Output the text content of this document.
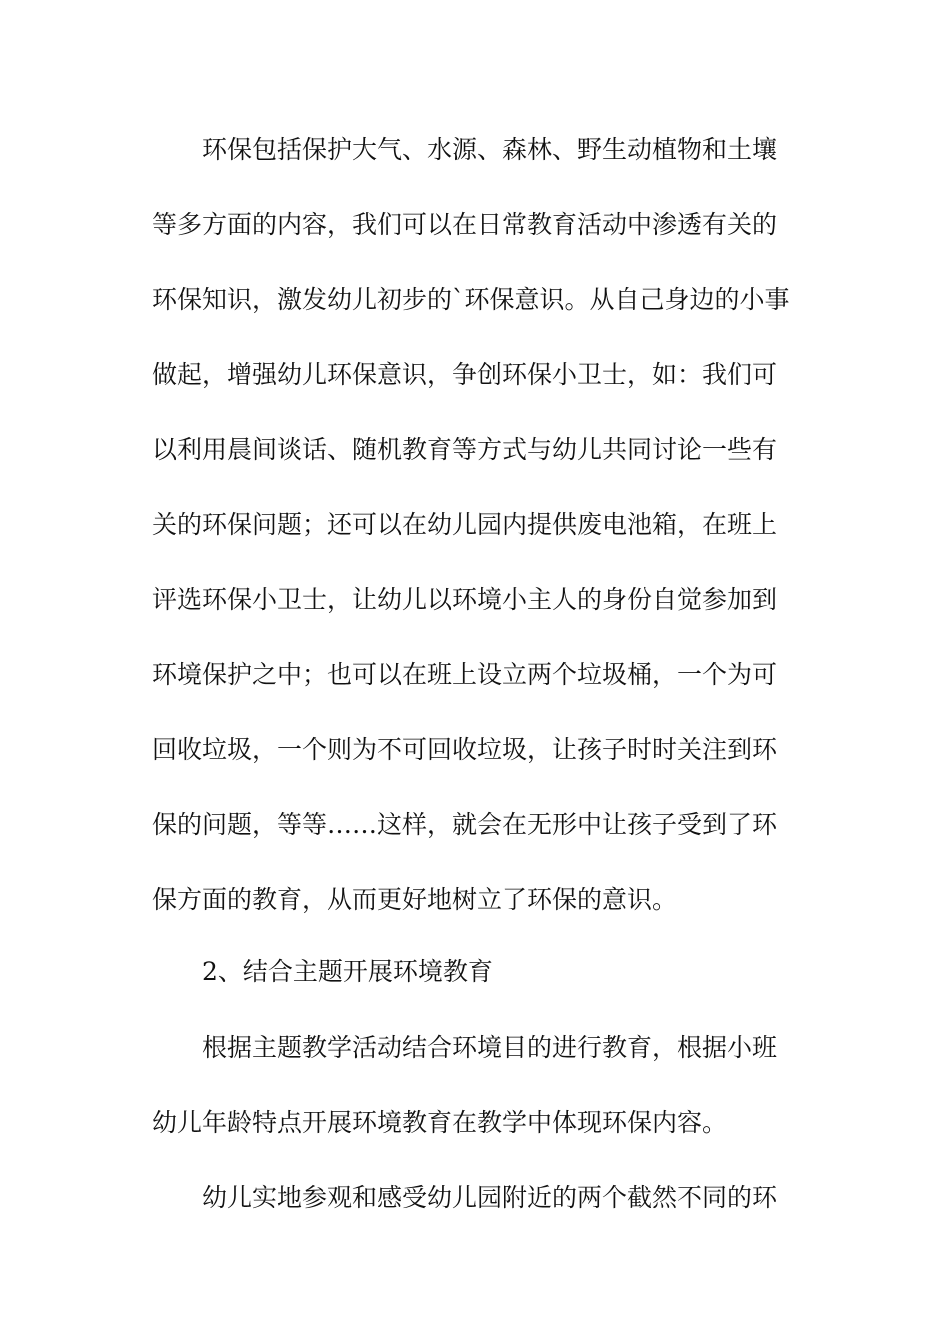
　　环保包括保护大气、水源、森林、野生动植物和土壤
等多方面的内容，我们可以在日常教育活动中渗透有关的
环保知识，激发幼儿初步的`环保意识。从自己身边的小事
做起，增强幼儿环保意识，争创环保小卫士，如：我们可
以利用晨间谈话、随机教育等方式与幼儿共同讨论一些有
关的环保问题；还可以在幼儿园内提供废电池箱，在班上
评选环保小卫士，让幼儿以环境小主人的身份自觉参加到
环境保护之中；也可以在班上设立两个垃圾桶，一个为可
回收垃圾，一个则为不可回收垃圾，让孩子时时关注到环
保的问题，等等……这样，就会在无形中让孩子受到了环
保方面的教育，从而更好地树立了环保的意识。
　　2、结合主题开展环境教育
　　根据主题教学活动结合环境目的进行教育，根据小班
幼儿年龄特点开展环境教育在教学中体现环保内容。
　　幼儿实地参观和感受幼儿园附近的两个截然不同的环
